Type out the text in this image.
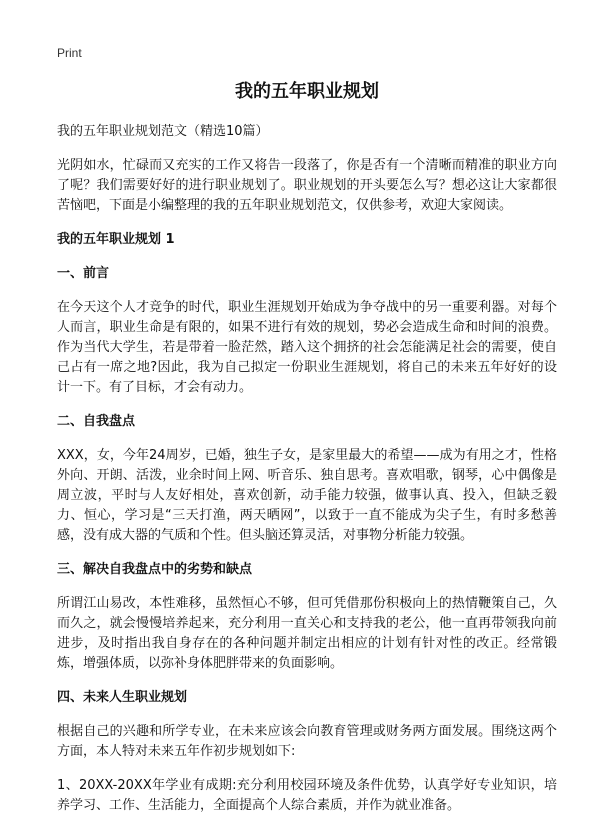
Print
我的五年职业规划
我的五年职业规划范文（精选10篇）

光阴如水，忙碌而又充实的工作又将告一段落了，你是否有一个清晰而精准的职业方向了呢？我们需要好好的进行职业规划了。职业规划的开头要怎么写？想必这让大家都很苦恼吧，下面是小编整理的我的五年职业规划范文，仅供参考，欢迎大家阅读。

我的五年职业规划 1
一、前言

在今天这个人才竞争的时代，职业生涯规划开始成为争夺战中的另一重要利器。对每个人而言，职业生命是有限的，如果不进行有效的规划，势必会造成生命和时间的浪费。作为当代大学生，若是带着一脸茫然，踏入这个拥挤的社会怎能满足社会的需要，使自己占有一席之地?因此，我为自己拟定一份职业生涯规划，将自己的未来五年好好的设计一下。有了目标，才会有动力。

二、自我盘点

XXX，女，今年24周岁，已婚，独生子女，是家里最大的希望——成为有用之才，性格外向、开朗、活泼，业余时间上网、听音乐、独自思考。喜欢唱歌，钢琴，心中偶像是周立波，平时与人友好相处，喜欢创新，动手能力较强，做事认真、投入，但缺乏毅力、恒心，学习是“三天打渔，两天晒网”，以致于一直不能成为尖子生，有时多愁善感，没有成大器的气质和个性。但头脑还算灵活，对事物分析能力较强。

三、解决自我盘点中的劣势和缺点

所谓江山易改，本性难移，虽然恒心不够，但可凭借那份积极向上的热情鞭策自己，久而久之，就会慢慢培养起来，充分利用一直关心和支持我的老公，他一直再带领我向前进步，及时指出我自身存在的各种问题并制定出相应的计划有针对性的改正。经常锻炼，增强体质，以弥补身体肥胖带来的负面影响。

四、未来人生职业规划

根据自己的兴趣和所学专业，在未来应该会向教育管理或财务两方面发展。围绕这两个方面，本人特对未来五年作初步规划如下:

1、20XX-20XX年学业有成期:充分利用校园环境及条件优势，认真学好专业知识，培养学习、工作、生活能力，全面提高个人综合素质，并作为就业准备。
